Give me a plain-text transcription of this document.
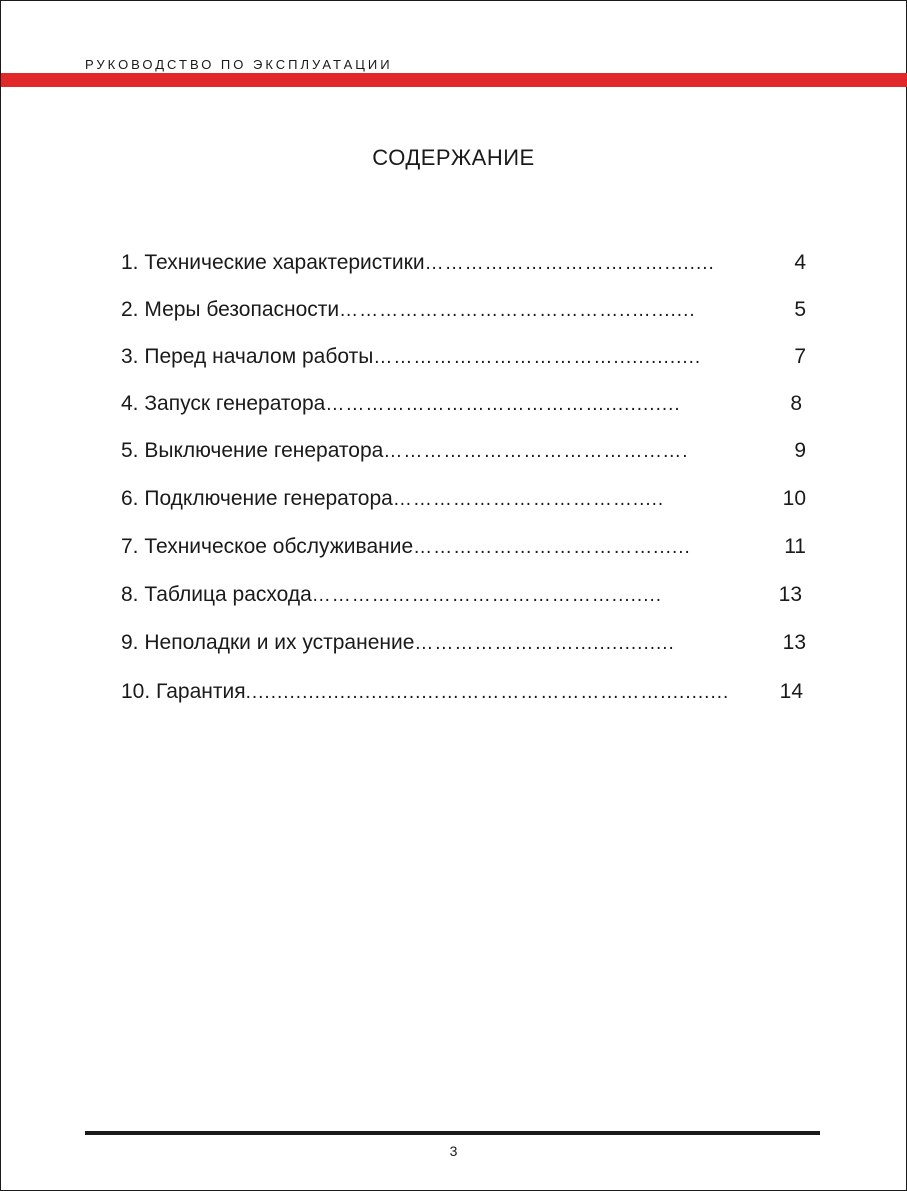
РУКОВОДСТВО ПО ЭКСПЛУАТАЦИИ
СОДЕРЖАНИЕ
1. Технические характеристики ………………………………........	4
2. Меры безопасности ……………………………………..….......	5
3. Перед началом работы ………………………………..............	7
4. Запуск генератора ……………………………………............	8
5. Выключение генератора …………………………………...….	9
6. Подключение генератора ……………………………….....	10
7. Техническое обслуживание ………………………………......	11
8. Таблица расхода ………………………………………........	13
9. Неполадки и их устранение ……………………................	13
10. Гарантия ...............................……………………………...........	14
3
